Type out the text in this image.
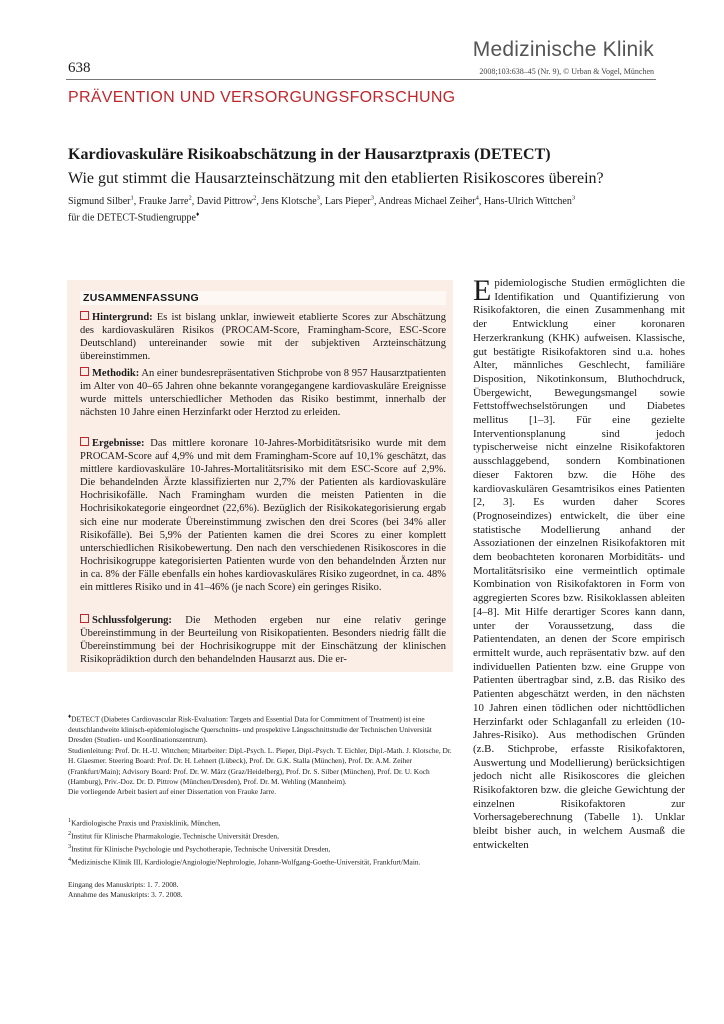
638
Medizinische Klinik
2008;103:638–45 (Nr. 9), © Urban & Vogel, München
PRÄVENTION UND VERSORGUNGSFORSCHUNG
Kardiovaskuläre Risikoabschätzung in der Hausarztpraxis (DETECT)
Wie gut stimmt die Hausarzteinschätzung mit den etablierten Risikoscores überein?
Sigmund Silber$^1$, Frauke Jarre$^2$, David Pittrow$^2$, Jens Klotsche$^3$, Lars Pieper$^3$, Andreas Michael Zeiher$^4$, Hans-Ulrich Wittchen$^3$
für die DETECT-Studiengruppe♦
ZUSAMMENFASSUNG
Hintergrund: Es ist bislang unklar, inwieweit etablierte Scores zur Abschätzung des kardiovaskulären Risikos (PROCAM-Score, Framingham-Score, ESC-Score Deutschland) untereinander sowie mit der subjektiven Arzteinschätzung übereinstimmen.
Methodik: An einer bundesrepräsentativen Stichprobe von 8 957 Hausarztpatienten im Alter von 40–65 Jahren ohne bekannte vorangegangene kardiovaskuläre Ereignisse wurde mittels unterschiedlicher Methoden das Risiko bestimmt, innerhalb der nächsten 10 Jahre einen Herzinfarkt oder Herztod zu erleiden.
Ergebnisse: Das mittlere koronare 10-Jahres-Morbiditätsrisiko wurde mit dem PROCAM-Score auf 4,9% und mit dem Framingham-Score auf 10,1% geschätzt, das mittlere kardiovaskuläre 10-Jahres-Mortalitätsrisiko mit dem ESC-Score auf 2,9%. Die behandelnden Ärzte klassifizierten nur 2,7% der Patienten als kardiovaskuläre Hochrisikofälle. Nach Framingham wurden die meisten Patienten in die Hochrisikokategorie eingeordnet (22,6%). Bezüglich der Risikokategorisierung ergab sich eine nur moderate Übereinstimmung zwischen den drei Scores (bei 34% aller Risikofälle). Bei 5,9% der Patienten kamen die drei Scores zu einer komplett unterschiedlichen Risikobewertung. Den nach den verschiedenen Risikoscores in die Hochrisikogruppe kategorisierten Patienten wurde von den behandelnden Ärzten nur in ca. 8% der Fälle ebenfalls ein hohes kardiovaskuläres Risiko zugeordnet, in ca. 48% ein mittleres Risiko und in 41–46% (je nach Score) ein geringes Risiko.
Schlussfolgerung: Die Methoden ergeben nur eine relativ geringe Übereinstimmung in der Beurteilung von Risikopatienten. Besonders niedrig fällt die Übereinstimmung bei der Hochrisikogruppe mit der Einschätzung der klinischen Risikoprädiktion durch den behandelnden Hausarzt aus. Die er-
♦DETECT (Diabetes Cardiovascular Risk-Evaluation: Targets and Essential Data for Commitment of Treatment) ist eine deutschlandweite klinisch-epidemiologische Querschnitts- und prospektive Längsschnittstudie der Technischen Universität Dresden (Studien- und Koordinationszentrum).
Studienleitung: Prof. Dr. H.-U. Wittchen; Mitarbeiter: Dipl.-Psych. L. Pieper, Dipl.-Psych. T. Eichler, Dipl.-Math. J. Klotsche, Dr. H. Glaesmer. Steering Board: Prof. Dr. H. Lehnert (Lübeck), Prof. Dr. G.K. Stalla (München), Prof. Dr. A.M. Zeiher (Frankfurt/Main); Advisory Board: Prof. Dr. W. März (Graz/Heidelberg), Prof. Dr. S. Silber (München), Prof. Dr. U. Koch (Hamburg), Priv.-Doz. Dr. D. Pittrow (München/Dresden), Prof. Dr. M. Wehling (Mannheim).
Die vorliegende Arbeit basiert auf einer Dissertation von Frauke Jarre.
$^1$Kardiologische Praxis und Praxisklinik, München,
$^2$Institut für Klinische Pharmakologie, Technische Universität Dresden,
$^3$Institut für Klinische Psychologie und Psychotherapie, Technische Universität Dresden,
$^4$Medizinische Klinik III, Kardiologie/Angiologie/Nephrologie, Johann-Wolfgang-Goethe-Universität, Frankfurt/Main.
Eingang des Manuskripts: 1. 7. 2008.
Annahme des Manuskripts: 3. 7. 2008.
Epidemiologische Studien ermöglichten die Identifikation und Quantifizierung von Risikofaktoren, die einen Zusammenhang mit der Entwicklung einer koronaren Herzerkrankung (KHK) aufweisen. Klassische, gut bestätigte Risikofaktoren sind u.a. hohes Alter, männliches Geschlecht, familiäre Disposition, Nikotinkonsum, Bluthochdruck, Übergewicht, Bewegungsmangel sowie Fettstoffwechselstörungen und Diabetes mellitus [1–3]. Für eine gezielte Interventionsplanung sind jedoch typischerweise nicht einzelne Risikofaktoren ausschlaggebend, sondern Kombinationen dieser Faktoren bzw. die Höhe des kardiovaskulären Gesamtrisikos eines Patienten [2, 3]. Es wurden daher Scores (Prognoseindizes) entwickelt, die über eine statistische Modellierung anhand der Assoziationen der einzelnen Risikofaktoren mit dem beobachteten koronaren Morbiditäts- und Mortalitätsrisiko eine vermeintlich optimale Kombination von Risikofaktoren in Form von aggregierten Scores bzw. Risikoklassen ableiten [4–8]. Mit Hilfe derartiger Scores kann dann, unter der Voraussetzung, dass die Patientendaten, an denen der Score empirisch ermittelt wurde, auch repräsentativ bzw. auf den individuellen Patienten bzw. eine Gruppe von Patienten übertragbar sind, z.B. das Risiko des Patienten abgeschätzt werden, in den nächsten 10 Jahren einen tödlichen oder nichttödlichen Herzinfarkt oder Schlaganfall zu erleiden (10-Jahres-Risiko). Aus methodischen Gründen (z.B. Stichprobe, erfasste Risikofaktoren, Auswertung und Modellierung) berücksichtigen jedoch nicht alle Risikoscores die gleichen Risikofaktoren bzw. die gleiche Gewichtung der einzelnen Risikofaktoren zur Vorhersageberechnung (Tabelle 1). Unklar bleibt bisher auch, in welchem Ausmaß die entwickelten
